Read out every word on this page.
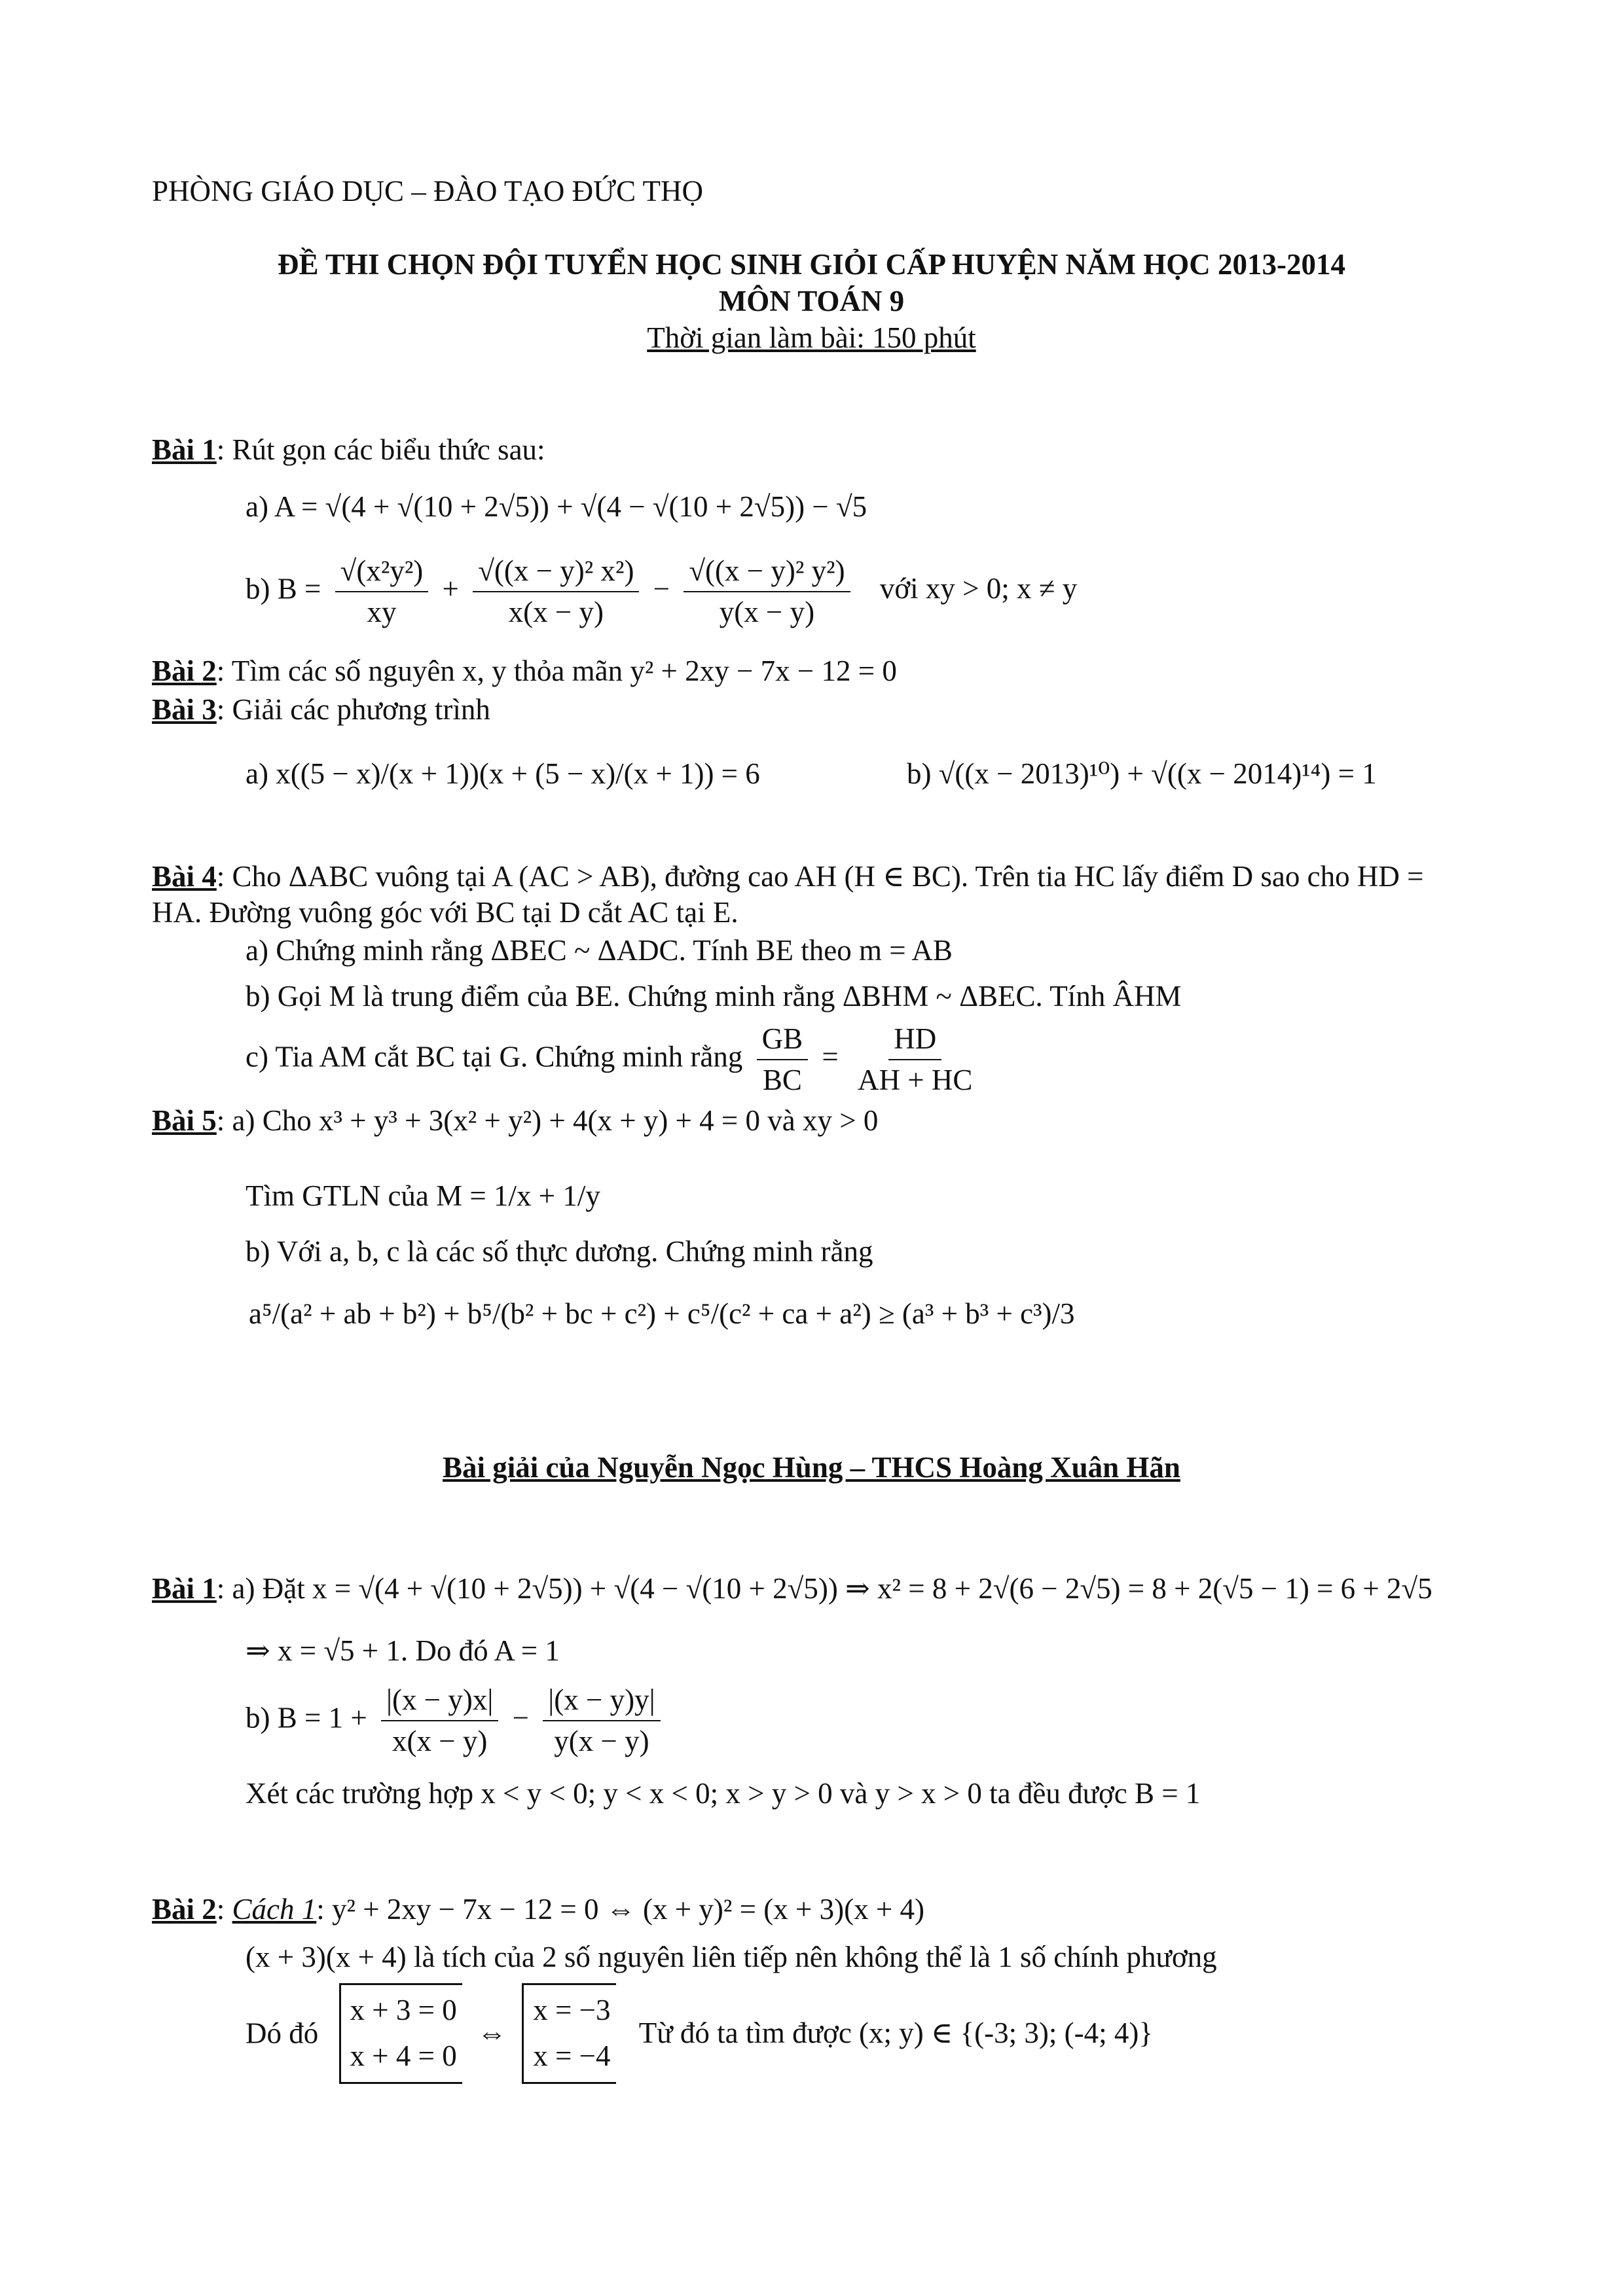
PHÒNG GIÁO DỤC – ĐÀO TẠO ĐỨC THỌ
ĐỀ THI CHỌN ĐỘI TUYỂN HỌC SINH GIỎI CẤP HUYỆN NĂM HỌC 2013-2014
MÔN TOÁN 9
Thời gian làm bài: 150 phút
Bài 1: Rút gọn các biểu thức sau:
a) A = √(4 + √(10 + 2√5)) + √(4 − √(10 + 2√5)) − √5
b) $B = \frac{\text{√(x²y²)}}{xy} + \frac{\text{√((x − y)² x²)}}{x(x - y)} - \frac{\text{√((x − y)² y²)}}{y(x - y)}$ với xy > 0; x ≠ y
Bài 2: Tìm các số nguyên x, y thỏa mãn y² + 2xy − 7x − 12 = 0
Bài 3: Giải các phương trình
a) x((5 − x)/(x + 1))(x + (5 − x)/(x + 1)) = 6	b) √((x − 2013)¹⁰) + √((x − 2014)¹⁴) = 1
Bài 4: Cho ΔABC vuông tại A (AC > AB), đường cao AH (H ∈ BC). Trên tia HC lấy điểm D sao cho HD =
HA. Đường vuông góc với BC tại D cắt AC tại E.
a) Chứng minh rằng ΔBEC ~ ΔADC. Tính BE theo m = AB
b) Gọi M là trung điểm của BE. Chứng minh rằng ΔBHM ~ ΔBEC. Tính ÂHM
c) Tia AM cắt BC tại G. Chứng minh rằng $\frac{GB}{BC} = \frac{HD}{AH + HC}$
Bài 5: a) Cho x³ + y³ + 3(x² + y²) + 4(x + y) + 4 = 0 và xy > 0
Tìm GTLN của M = 1/x + 1/y
b) Với a, b, c là các số thực dương. Chứng minh rằng
a⁵/(a² + ab + b²) + b⁵/(b² + bc + c²) + c⁵/(c² + ca + a²) ≥ (a³ + b³ + c³)/3
Bài giải của Nguyễn Ngọc Hùng – THCS Hoàng Xuân Hãn
Bài 1: a) Đặt x = √(4 + √(10 + 2√5)) + √(4 − √(10 + 2√5)) ⇒ x² = 8 + 2√(6 − 2√5) = 8 + 2(√5 − 1) = 6 + 2√5
⇒ x = √5 + 1. Do đó A = 1
b) $B = 1 + \frac{|(x - y)x|}{x(x - y)} - \frac{|(x - y)y|}{y(x - y)}$
Xét các trường hợp x < y < 0; y < x < 0; x > y > 0 và y > x > 0 ta đều được B = 1
Bài 2: Cách 1: y² + 2xy − 7x − 12 = 0 ⇔ (x + y)² = (x + 3)(x + 4)
(x + 3)(x + 4) là tích của 2 số nguyên liên tiếp nên không thể là 1 số chính phương
Dó đó x + 3 = 0
x + 4 = 0 ⇔ x = −3
x = −4 Từ đó ta tìm được (x; y) ∈ {(-3; 3); (-4; 4)}
